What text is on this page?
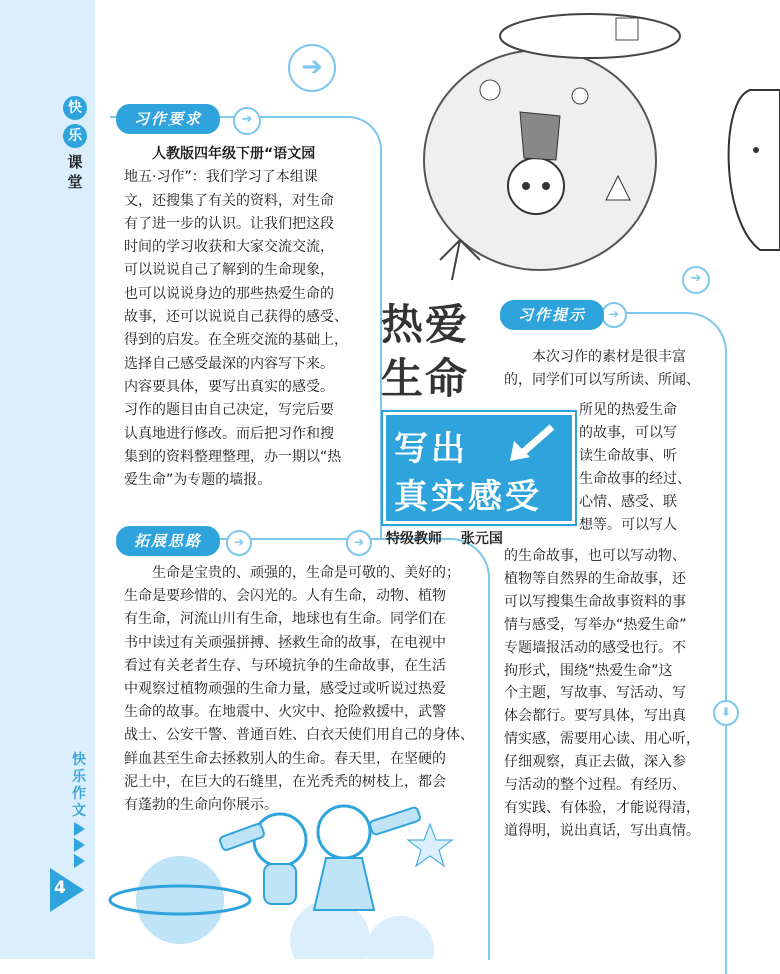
快
乐
课
堂
快
乐
作
文
4
➔
➔
➔
➔
➔
➔
⬇
习作要求
人教版四年级下册“语文园
地五·习作”：我们学习了本组课
文，还搜集了有关的资料，对生命
有了进一步的认识。让我们把这段
时间的学习收获和大家交流交流，
可以说说自己了解到的生命现象，
也可以说说身边的那些热爱生命的
故事，还可以说说自己获得的感受、
得到的启发。在全班交流的基础上，
选择自己感受最深的内容写下来。
内容要具体，要写出真实的感受。
习作的题目由自己决定，写完后要
认真地进行修改。而后把习作和搜
集到的资料整理整理，办一期以“热
爱生命”为专题的墙报。
热爱
生命
写出
真实感受
特级教师 张元国
拓展思路
生命是宝贵的、顽强的，生命是可敬的、美好的；
生命是要珍惜的、会闪光的。人有生命，动物、植物
有生命，河流山川有生命，地球也有生命。同学们在
书中读过有关顽强拼搏、拯救生命的故事，在电视中
看过有关老者生存、与环境抗争的生命故事，在生活
中观察过植物顽强的生命力量，感受过或听说过热爱
生命的故事。在地震中、火灾中、抢险救援中，武警
战士、公安干警、普通百姓、白衣天使们用自己的身体、
鲜血甚至生命去拯救别人的生命。春天里，在坚硬的
泥土中，在巨大的石缝里，在光秃秃的树枝上，都会
有蓬勃的生命向你展示。
习作提示
本次习作的素材是很丰富
的，同学们可以写所读、所闻、
所见的热爱生命
的故事，可以写
读生命故事、听
生命故事的经过、
心情、感受、联
想等。可以写人
的生命故事，也可以写动物、
植物等自然界的生命故事，还
可以写搜集生命故事资料的事
情与感受，写举办“热爱生命”
专题墙报活动的感受也行。不
拘形式，围绕“热爱生命”这
个主题，写故事、写活动、写
体会都行。要写具体，写出真
情实感，需要用心读、用心听，
仔细观察，真正去做，深入参
与活动的整个过程。有经历、
有实践、有体验，才能说得清，
道得明，说出真话，写出真情。
